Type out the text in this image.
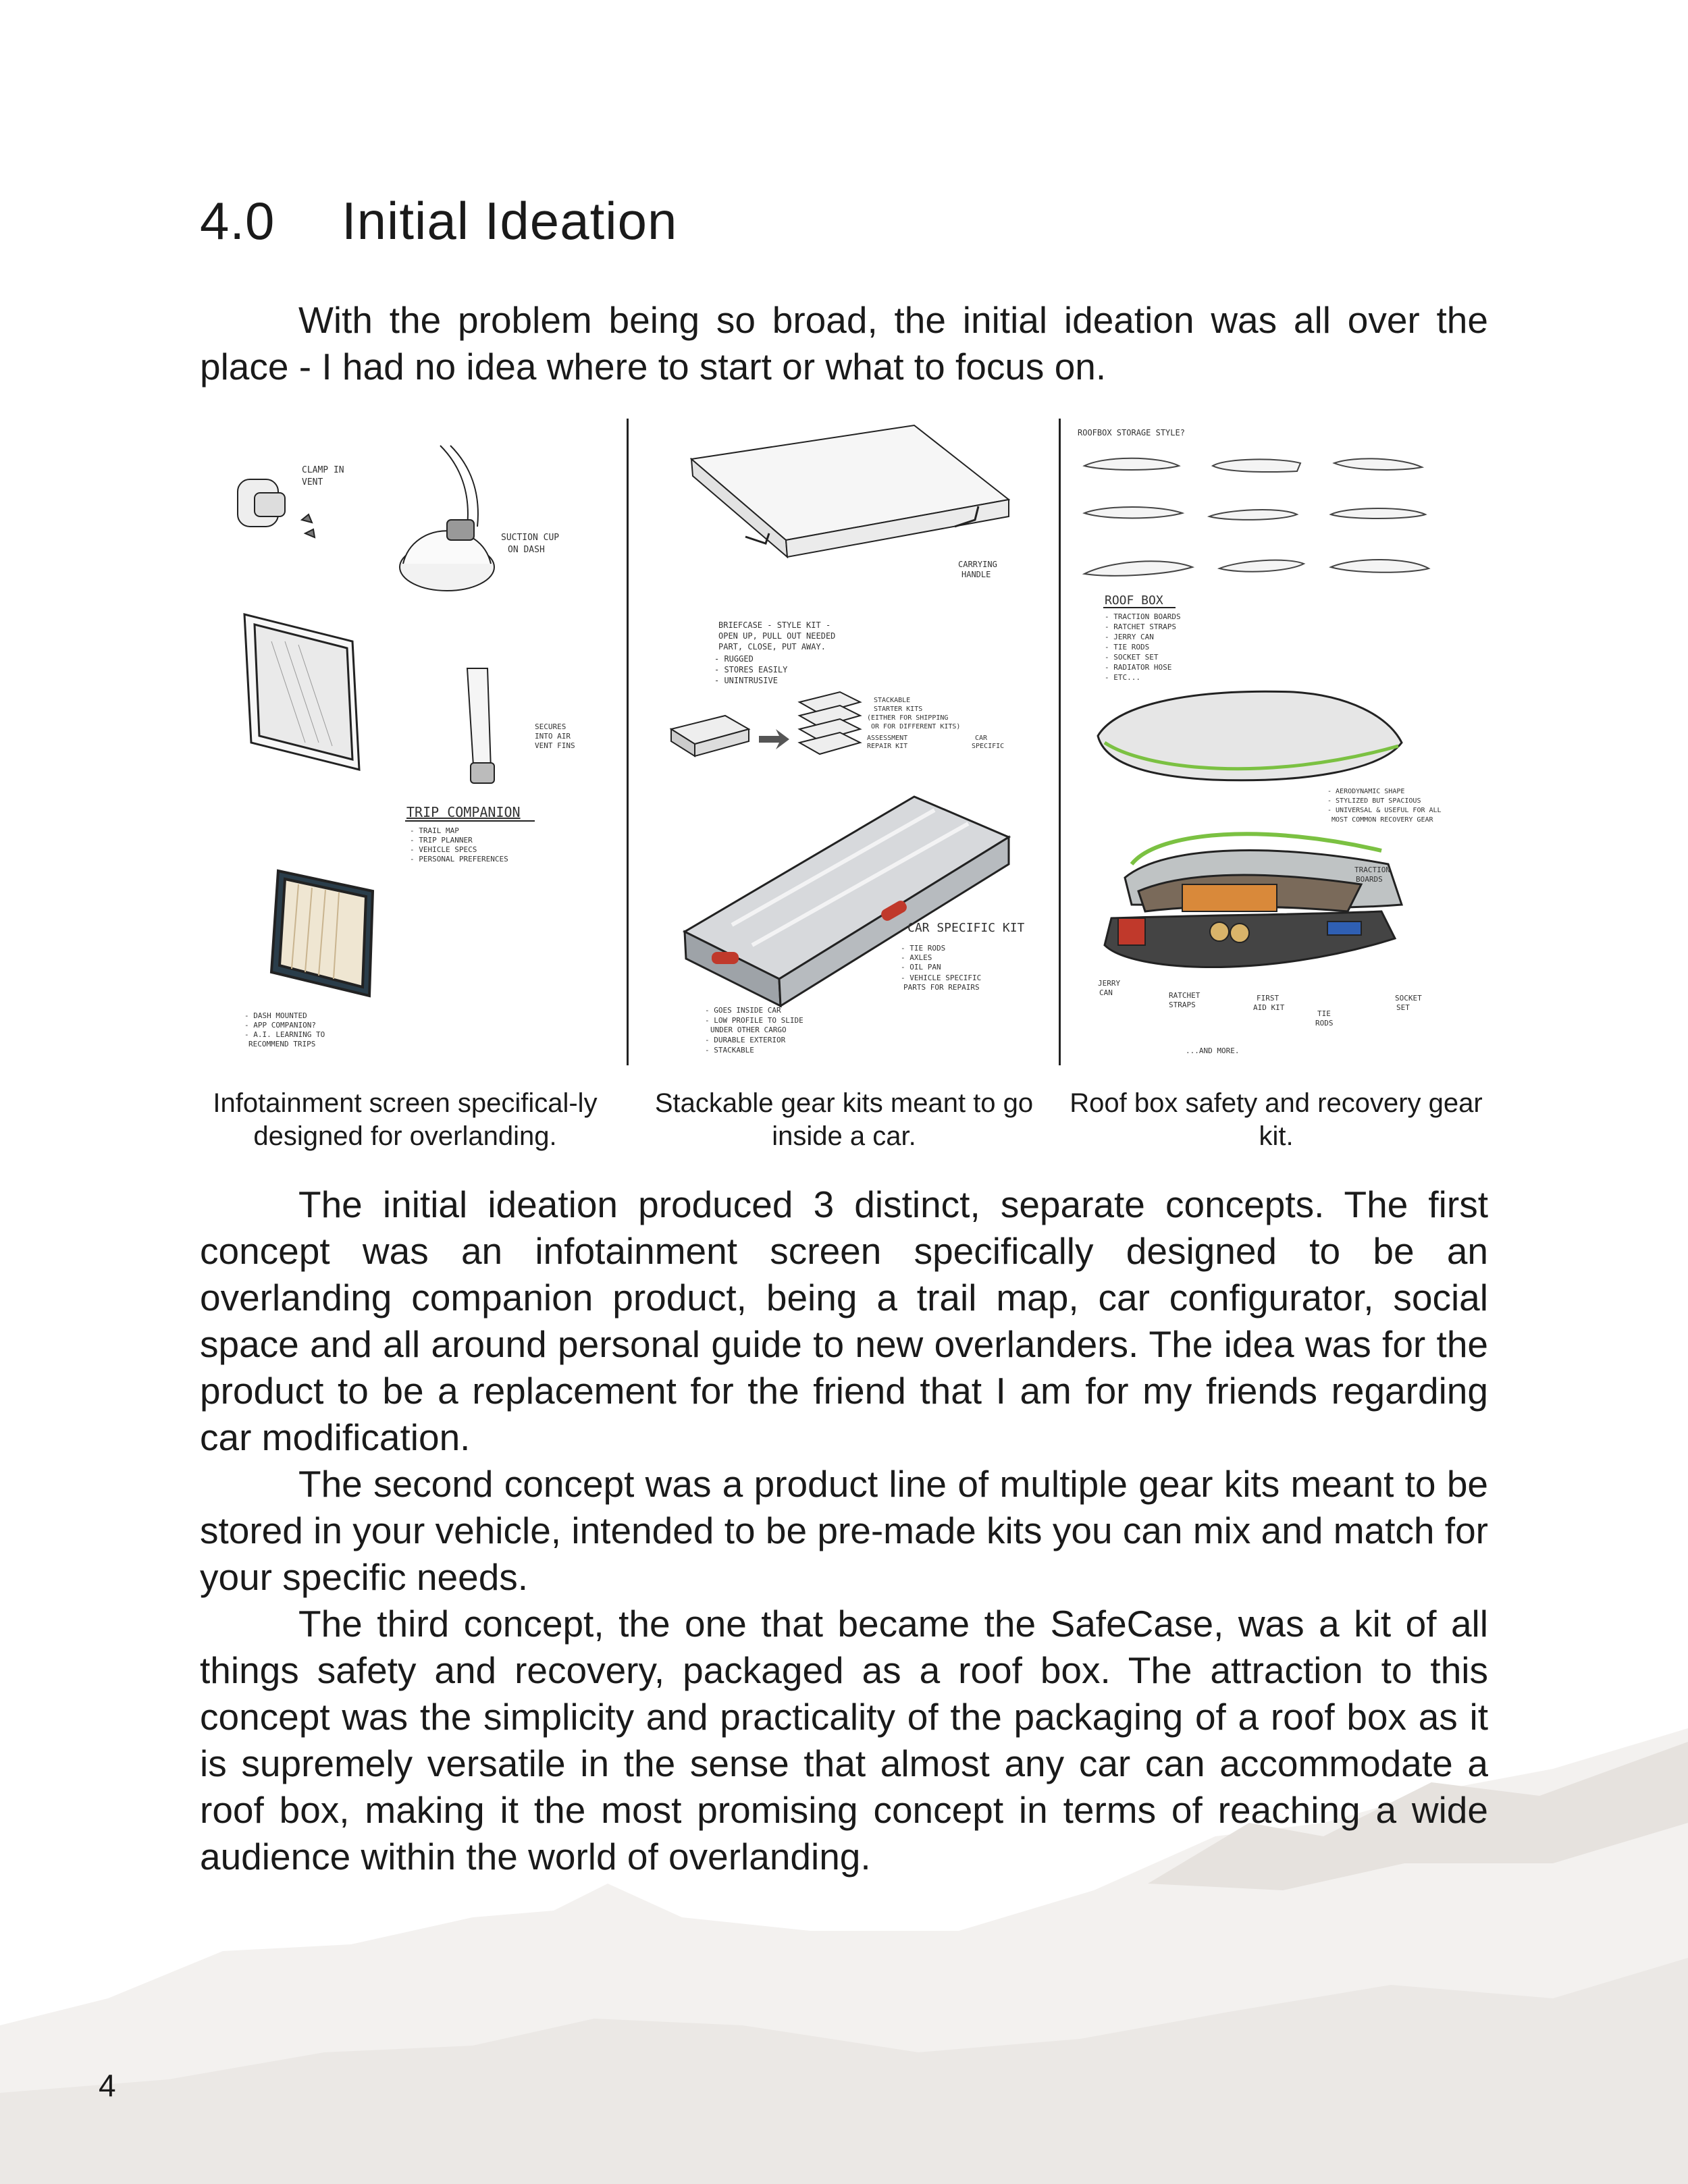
4.0 Initial Ideation

With the problem being so broad, the initial ideation was all over the place - I had no idea where to start or what to focus on.

CLAMP IN
VENT
SUCTION CUP
ON DASH
SECURES
INTO AIR
VENT FINS
TRIP COMPANION
- TRAIL MAP
- TRIP PLANNER
- VEHICLE SPECS
- PERSONAL PREFERENCES
- DASH MOUNTED
- APP COMPANION?
- A.I. LEARNING TO
RECOMMEND TRIPS
CARRYING
HANDLE
BRIEFCASE - STYLE KIT -
OPEN UP, PULL OUT NEEDED
PART, CLOSE, PUT AWAY.
- RUGGED
- STORES EASILY
- UNINTRUSIVE
STACKABLE
STARTER KITS
(EITHER FOR SHIPPING
OR FOR DIFFERENT KITS)
ASSESSMENT
REPAIR KIT
CAR
SPECIFIC
CAR SPECIFIC KIT
- TIE RODS
- AXLES
- OIL PAN
- VEHICLE SPECIFIC
PARTS FOR REPAIRS
- GOES INSIDE CAR
- LOW PROFILE TO SLIDE
UNDER OTHER CARGO
- DURABLE EXTERIOR
- STACKABLE
ROOFBOX STORAGE STYLE?
ROOF BOX
- TRACTION BOARDS
- RATCHET STRAPS
- JERRY CAN
- TIE RODS
- SOCKET SET
- RADIATOR HOSE
- ETC...
- AERODYNAMIC SHAPE
- STYLIZED BUT SPACIOUS
- UNIVERSAL & USEFUL FOR ALL
MOST COMMON RECOVERY GEAR
TRACTION
BOARDS
JERRY
CAN	RATCHET
STRAPS
FIRST
AID KIT
TIE
RODS
SOCKET
SET
...AND MORE.

Infotainment screen specifical-ly designed for overlanding.

Stackable gear kits meant to go inside a car.

Roof box safety and recovery gear kit.

The initial ideation produced 3 distinct, separate concepts. The first concept was an infotainment screen specifically designed to be an overlanding companion product, being a trail map, car configurator, social space and all around personal guide to new overlanders. The idea was for the product to be a replacement for the friend that I am for my friends regarding car modification.

The second concept was a product line of multiple gear kits meant to be stored in your vehicle, intended to be pre-made kits you can mix and match for your specific needs.

The third concept, the one that became the SafeCase, was a kit of all things safety and recovery, packaged as a roof box. The attraction to this concept was the simplicity and practicality of the packaging of a roof box as it is supremely versatile in the sense that almost any car can accommodate a roof box, making it the most promising concept in terms of reaching a wide audience within the world of overlanding.

4
